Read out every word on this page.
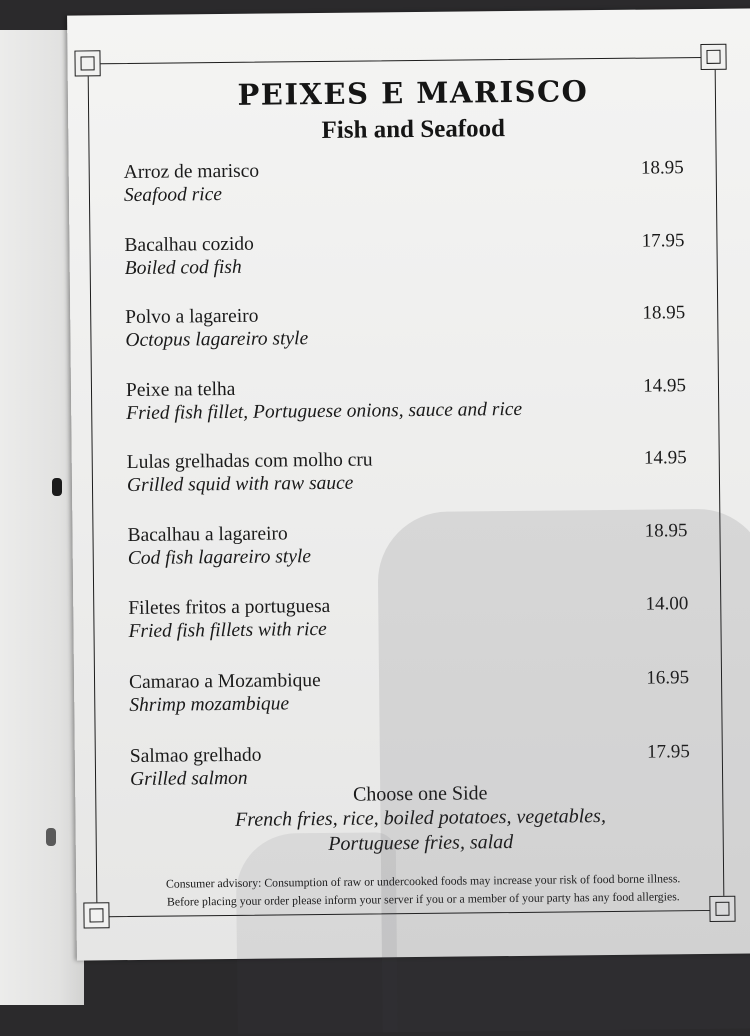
PEIXES E MARISCO
Fish and Seafood
Arroz de marisco
Seafood rice
18.95
Bacalhau cozido
Boiled cod fish
17.95
Polvo a lagareiro
Octopus lagareiro style
18.95
Peixe na telha
Fried fish fillet, Portuguese onions, sauce and rice
14.95
Lulas grelhadas com molho cru
Grilled squid with raw sauce
14.95
Bacalhau a lagareiro
Cod fish lagareiro style
18.95
Filetes fritos a portuguesa
Fried fish fillets with rice
14.00
Camarao a Mozambique
Shrimp mozambique
16.95
Salmao grelhado
Grilled salmon
17.95
Choose one Side
French fries, rice, boiled potatoes, vegetables,
Portuguese fries, salad
Consumer advisory: Consumption of raw or undercooked foods may increase your risk of food borne illness.
Before placing your order please inform your server if you or a member of your party has any food allergies.
